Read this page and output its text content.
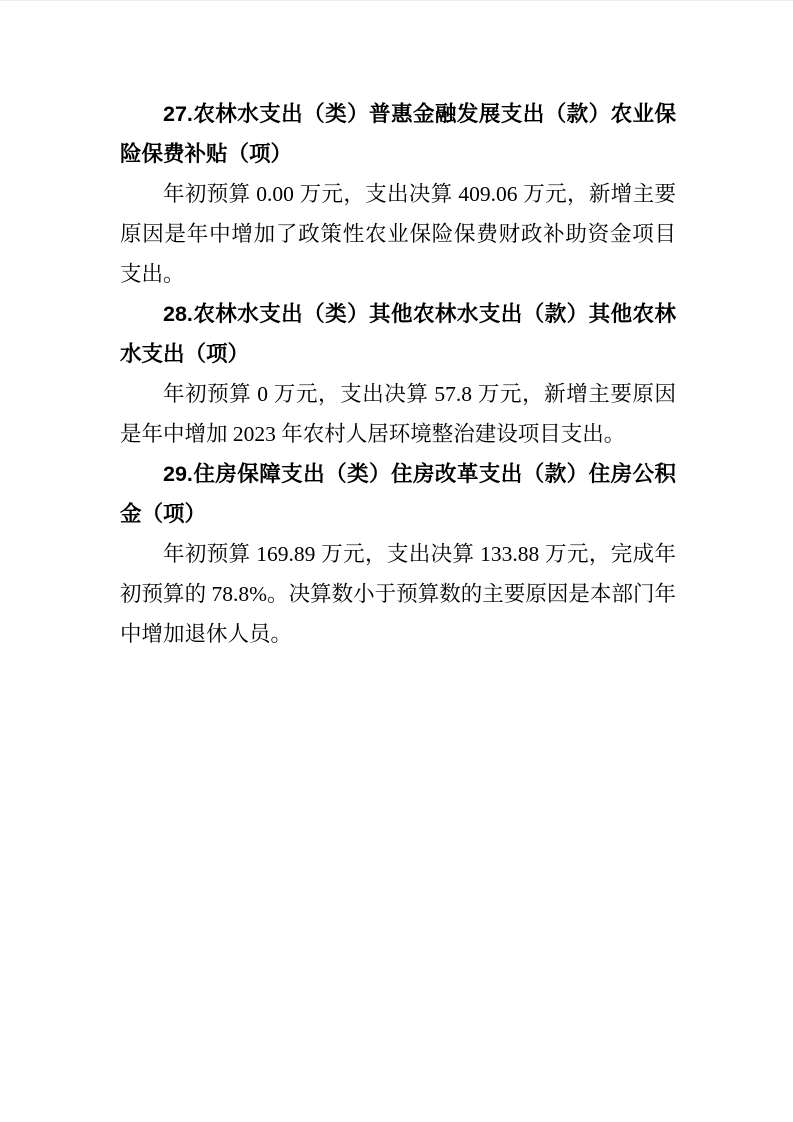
27.农林水支出（类）普惠金融发展支出（款）农业保险保费补贴（项）

年初预算 0.00 万元，支出决算 409.06 万元，新增主要原因是年中增加了政策性农业保险保费财政补助资金项目支出。

28.农林水支出（类）其他农林水支出（款）其他农林水支出（项）

年初预算 0 万元，支出决算 57.8 万元，新增主要原因是年中增加 2023 年农村人居环境整治建设项目支出。

29.住房保障支出（类）住房改革支出（款）住房公积金（项）

年初预算 169.89 万元，支出决算 133.88 万元，完成年初预算的 78.8%。决算数小于预算数的主要原因是本部门年中增加退休人员。
